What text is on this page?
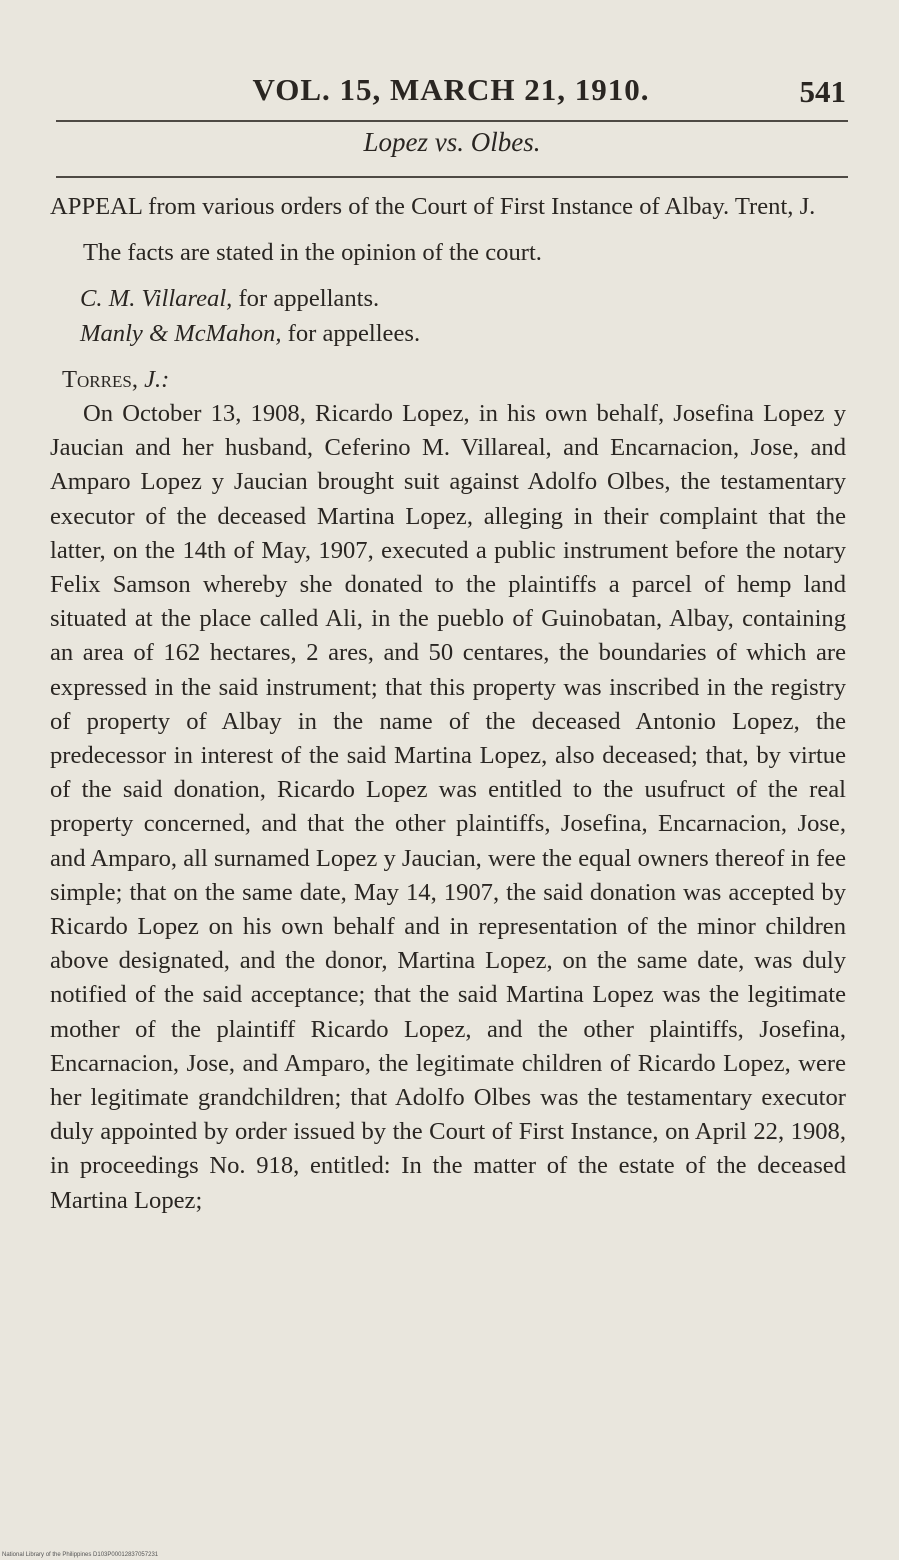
VOL. 15, MARCH 21, 1910.	541
Lopez vs. Olbes.

APPEAL from various orders of the Court of First Instance of Albay. Trent, J.

The facts are stated in the opinion of the court.

C. M. Villareal, for appellants.

Manly & McMahon, for appellees.

Torres, J.:

On October 13, 1908, Ricardo Lopez, in his own behalf, Josefina Lopez y Jaucian and her husband, Ceferino M. Villareal, and Encarnacion, Jose, and Amparo Lopez y Jaucian brought suit against Adolfo Olbes, the testamentary executor of the deceased Martina Lopez, alleging in their complaint that the latter, on the 14th of May, 1907, executed a public instrument before the notary Felix Samson whereby she donated to the plaintiffs a parcel of hemp land situated at the place called Ali, in the pueblo of Guinobatan, Albay, containing an area of 162 hectares, 2 ares, and 50 centares, the boundaries of which are expressed in the said instrument; that this property was inscribed in the registry of property of Albay in the name of the deceased Antonio Lopez, the predecessor in interest of the said Martina Lopez, also deceased; that, by virtue of the said donation, Ricardo Lopez was entitled to the usufruct of the real property concerned, and that the other plaintiffs, Josefina, Encarnacion, Jose, and Amparo, all surnamed Lopez y Jaucian, were the equal owners thereof in fee simple; that on the same date, May 14, 1907, the said donation was accepted by Ricardo Lopez on his own behalf and in representation of the minor children above designated, and the donor, Martina Lopez, on the same date, was duly notified of the said acceptance; that the said Martina Lopez was the legitimate mother of the plaintiff Ricardo Lopez, and the other plaintiffs, Josefina, Encarnacion, Jose, and Amparo, the legitimate children of Ricardo Lopez, were her legitimate grandchildren; that Adolfo Olbes was the testamentary executor duly appointed by order issued by the Court of First Instance, on April 22, 1908, in proceedings No. 918, entitled: In the matter of the estate of the deceased Martina Lopez;

National Library of the Philippines D103P00012837057231
